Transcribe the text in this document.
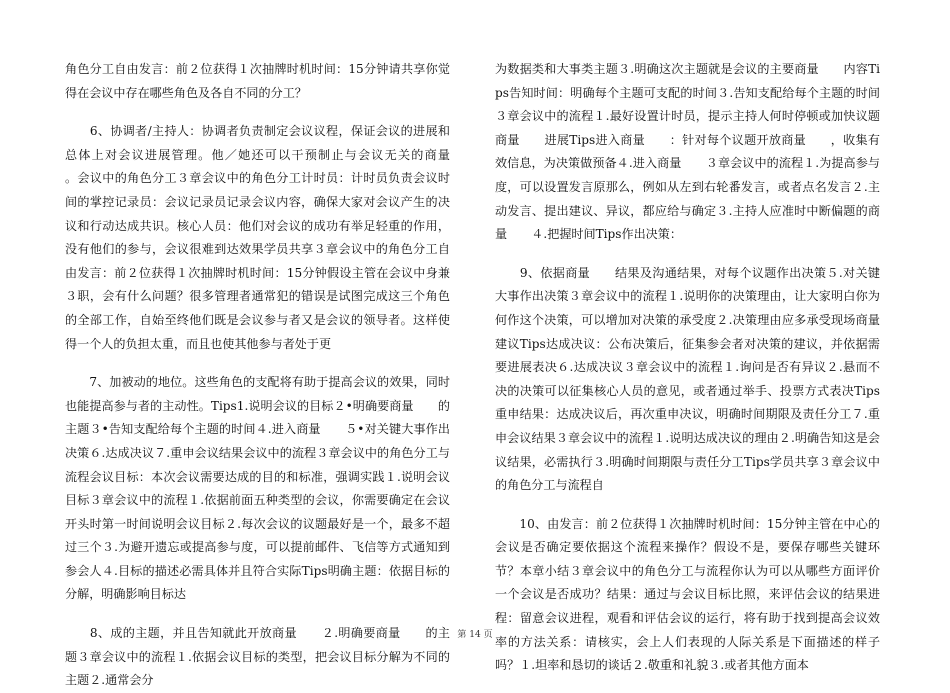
角色分工自由发言：前２位获得１次抽牌时机时间：15分钟请共享你觉得在会议中存在哪些角色及各自不同的分工？

　　6、协调者/主持人：协调者负责制定会议议程，保证会议的进展和总体上对会议进展管理。他／她还可以干预制止与会议无关的商量　　。会议中的角色分工３章会议中的角色分工计时员：计时员负责会议时间的掌控记录员：会议记录员记录会议内容，确保大家对会议产生的决议和行动达成共识。核心人员：他们对会议的成功有举足轻重的作用，没有他们的参与，会议很难到达效果学员共享３章会议中的角色分工自由发言：前２位获得１次抽牌时机时间：15分钟假设主管在会议中身兼３职，会有什么问题？很多管理者通常犯的错误是试图完成这三个角色的全部工作，自始至终他们既是会议参与者又是会议的领导者。这样使得一个人的负担太重，而且也使其他参与者处于更

　　7、加被动的地位。这些角色的支配将有助于提高会议的效果，同时也能提高参与者的主动性。Tips1.说明会议的目标２•明确要商量　　的主题３•告知支配给每个主题的时间４.进入商量　　５•对关键大事作出决策６.达成决议７.重申会议结果会议中的流程３章会议中的角色分工与流程会议目标：本次会议需要达成的目的和标准，强调实践１.说明会议目标３章会议中的流程１.依据前面五种类型的会议，你需要确定在会议开头时第一时间说明会议目标２.每次会议的议题最好是一个，最多不超过三个３.为避开遗忘或提高参与度，可以提前邮件、飞信等方式通知到参会人４.目标的描述必需具体并且符合实际Tips明确主题：依据目标的分解，明确影响目标达

　　8、成的主题，并且告知就此开放商量　　２.明确要商量　　的主题３章会议中的流程１.依据会议目标的类型，把会议目标分解为不同的主题２.通常会分

为数据类和大事类主题３.明确这次主题就是会议的主要商量　　内容Tips告知时间：明确每个主题可支配的时间３.告知支配给每个主题的时间３章会议中的流程１.最好设置计时员，提示主持人何时停顿或加快议题商量　　进展Tips进入商量　　：针对每个议题开放商量　　，收集有效信息，为决策做预备４.进入商量　　３章会议中的流程１.为提高参与度，可以设置发言原那么，例如从左到右轮番发言，或者点名发言２.主动发言、提出建议、异议，都应给与确定３.主持人应准时中断偏题的商量　　４.把握时间Tips作出决策：

　　9、依据商量　　结果及沟通结果，对每个议题作出决策５.对关键大事作出决策３章会议中的流程１.说明你的决策理由，让大家明白你为何作这个决策，可以增加对决策的承受度２.决策理由应多承受现场商量　　建议Tips达成决议：公布决策后，征集参会者对决策的建议，并依据需要进展表决６.达成决议３章会议中的流程１.询问是否有异议２.悬而不决的决策可以征集核心人员的意见，或者通过举手、投票方式表决Tips重申结果：达成决议后，再次重申决议，明确时间期限及责任分工７.重申会议结果３章会议中的流程１.说明达成决议的理由２.明确告知这是会议结果，必需执行３.明确时间期限与责任分工Tips学员共享３章会议中的角色分工与流程自

　　10、由发言：前２位获得１次抽牌时机时间：15分钟主管在中心的会议是否确定要依据这个流程来操作？假设不是，要保存哪些关键环节？本章小结３章会议中的角色分工与流程你认为可以从哪些方面评价一个会议是否成功？结果：通过与会议目标比照，来评估会议的结果进程：留意会议进程，观看和评估会议的运行，将有助于找到提高会议效率的方法关系：请核实，会上人们表现的人际关系是下面描述的样子吗？１.坦率和恳切的谈话２.敬重和礼貌３.或者其他方面本

第 14 页
